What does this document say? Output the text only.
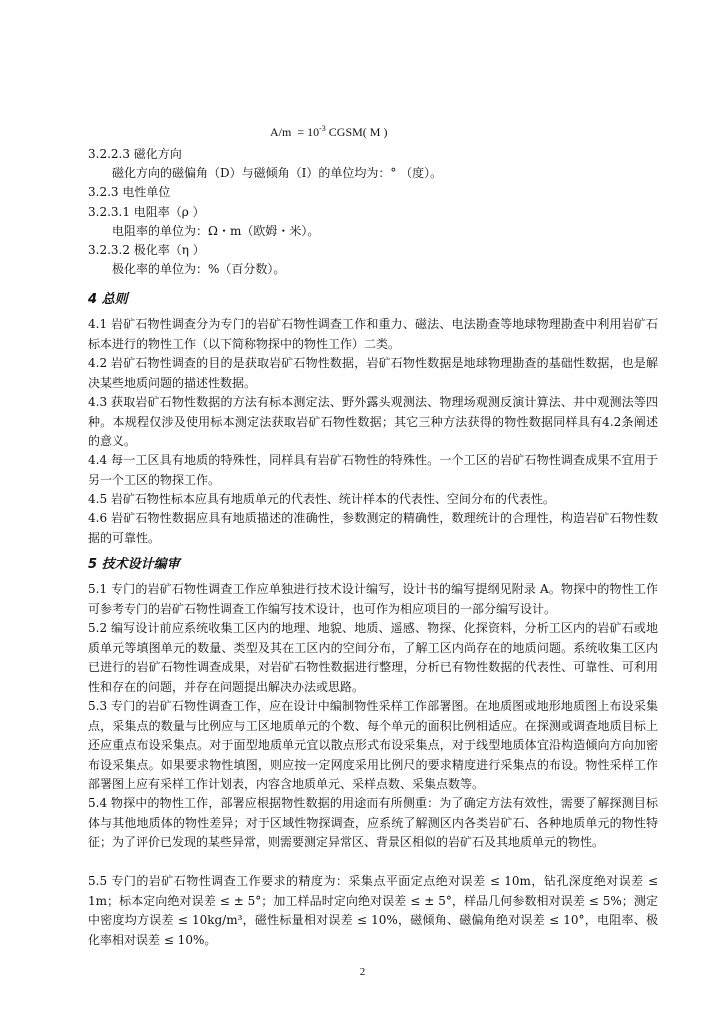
$A/m = 10^{-3}$ CGSM( M )
3.2.2.3 磁化方向
磁化方向的磁偏角（D）与磁倾角（I）的单位均为：° （度）。
3.2.3 电性单位
3.2.3.1 电阻率（ρ ）
电阻率的单位为：Ω・m（欧姆・米）。
3.2.3.2 极化率（η ）
极化率的单位为：%（百分数）。
4 总则
4.1 岩矿石物性调查分为专门的岩矿石物性调查工作和重力、磁法、电法勘查等地球物理勘查中利用岩矿石标本进行的物性工作（以下简称物探中的物性工作）二类。
4.2 岩矿石物性调查的目的是获取岩矿石物性数据，岩矿石物性数据是地球物理勘查的基础性数据，也是解决某些地质问题的描述性数据。
4.3 获取岩矿石物性数据的方法有标本测定法、野外露头观测法、物理场观测反演计算法、井中观测法等四种。本规程仅涉及使用标本测定法获取岩矿石物性数据；其它三种方法获得的物性数据同样具有4.2条阐述的意义。
4.4 每一工区具有地质的特殊性，同样具有岩矿石物性的特殊性。一个工区的岩矿石物性调查成果不宜用于另一个工区的物探工作。
4.5 岩矿石物性标本应具有地质单元的代表性、统计样本的代表性、空间分布的代表性。
4.6 岩矿石物性数据应具有地质描述的准确性，参数测定的精确性，数理统计的合理性，构造岩矿石物性数据的可靠性。
5 技术设计编审
5.1 专门的岩矿石物性调查工作应单独进行技术设计编写，设计书的编写提纲见附录 A。物探中的物性工作可参考专门的岩矿石物性调查工作编写技术设计，也可作为相应项目的一部分编写设计。
5.2 编写设计前应系统收集工区内的地理、地貌、地质、遥感、物探、化探资料，分析工区内的岩矿石或地质单元等填图单元的数量、类型及其在工区内的空间分布，了解工区内尚存在的地质问题。系统收集工区内已进行的岩矿石物性调查成果，对岩矿石物性数据进行整理，分析已有物性数据的代表性、可靠性、可利用性和存在的问题，并存在问题提出解决办法或思路。
5.3 专门的岩矿石物性调查工作，应在设计中编制物性采样工作部署图。在地质图或地形地质图上布设采集点，采集点的数量与比例应与工区地质单元的个数、每个单元的面积比例相适应。在探测或调查地质目标上还应重点布设采集点。对于面型地质单元宜以散点形式布设采集点，对于线型地质体宜沿构造倾向方向加密布设采集点。如果要求物性填图，则应按一定网度采用比例尺的要求精度进行采集点的布设。物性采样工作部署图上应有采样工作计划表，内容含地质单元、采样点数、采集点数等。
5.4 物探中的物性工作，部署应根据物性数据的用途而有所侧重：为了确定方法有效性，需要了解探测目标体与其他地质体的物性差异；对于区域性物探调查，应系统了解测区内各类岩矿石、各种地质单元的物性特征；为了评价已发现的某些异常，则需要测定异常区、背景区相似的岩矿石及其地质单元的物性。
5.5 专门的岩矿石物性调查工作要求的精度为：采集点平面定点绝对误差 ≤ 10m，钻孔深度绝对误差 ≤ 1m；标本定向绝对误差 ≤ ± 5°；加工样品时定向绝对误差 ≤ ± 5°，样品几何参数相对误差 ≤ 5%；测定中密度均方误差 ≤ 10kg/m³，磁性标量相对误差 ≤ 10%，磁倾角、磁偏角绝对误差 ≤ 10°，电阻率、极化率相对误差 ≤ 10%。
2
